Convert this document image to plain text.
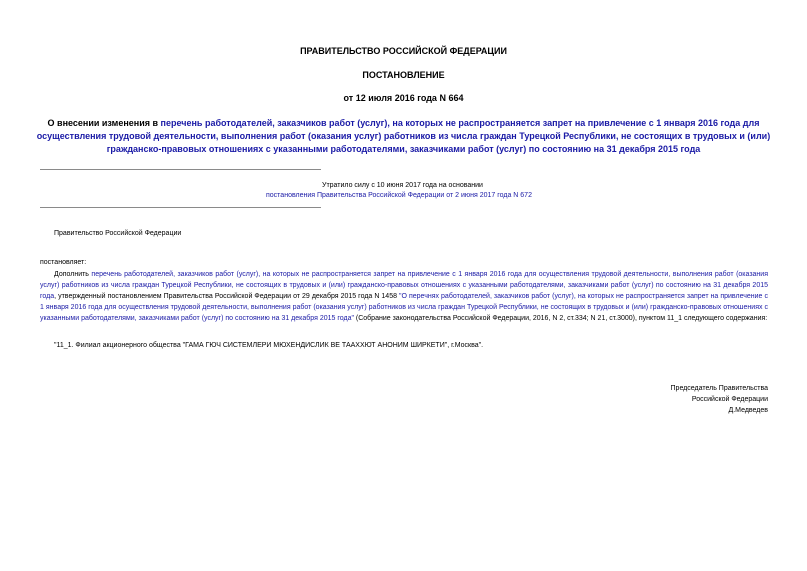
ПРАВИТЕЛЬСТВО РОССИЙСКОЙ ФЕДЕРАЦИИ
ПОСТАНОВЛЕНИЕ
от 12 июля 2016 года N 664
О внесении изменения в перечень работодателей, заказчиков работ (услуг), на которых не распространяется запрет на привлечение с 1 января 2016 года для осуществления трудовой деятельности, выполнения работ (оказания услуг) работников из числа граждан Турецкой Республики, не состоящих в трудовых и (или) гражданско-правовых отношениях с указанными работодателями, заказчиками работ (услуг) по состоянию на 31 декабря 2015 года
Утратило силу с 10 июня 2017 года на основании
постановления Правительства Российской Федерации от 2 июня 2017 года N 672
Правительство Российской Федерации
постановляет:
Дополнить перечень работодателей, заказчиков работ (услуг), на которых не распространяется запрет на привлечение с 1 января 2016 года для осуществления трудовой деятельности, выполнения работ (оказания услуг) работников из числа граждан Турецкой Республики, не состоящих в трудовых и (или) гражданско-правовых отношениях с указанными работодателями, заказчиками работ (услуг) по состоянию на 31 декабря 2015 года, утвержденный постановлением Правительства Российской Федерации от 29 декабря 2015 года N 1458 "О перечнях работодателей, заказчиков работ (услуг), на которых не распространяется запрет на привлечение с 1 января 2016 года для осуществления трудовой деятельности, выполнения работ (оказания услуг) работников из числа граждан Турецкой Республики, не состоящих в трудовых и (или) гражданско-правовых отношениях с указанными работодателями, заказчиками работ (услуг) по состоянию на 31 декабря 2015 года" (Собрание законодательства Российской Федерации, 2016, N 2, ст.334; N 21, ст.3000), пунктом 11_1 следующего содержания:
"11_1. Филиал акционерного общества "ГАМА ГЮЧ СИСТЕМЛЕРИ МЮХЕНДИСЛИК ВЕ ТААХХЮТ АНОНИМ ШИРКЕТИ", г.Москва".
Председатель Правительства
Российской Федерации
Д.Медведев
